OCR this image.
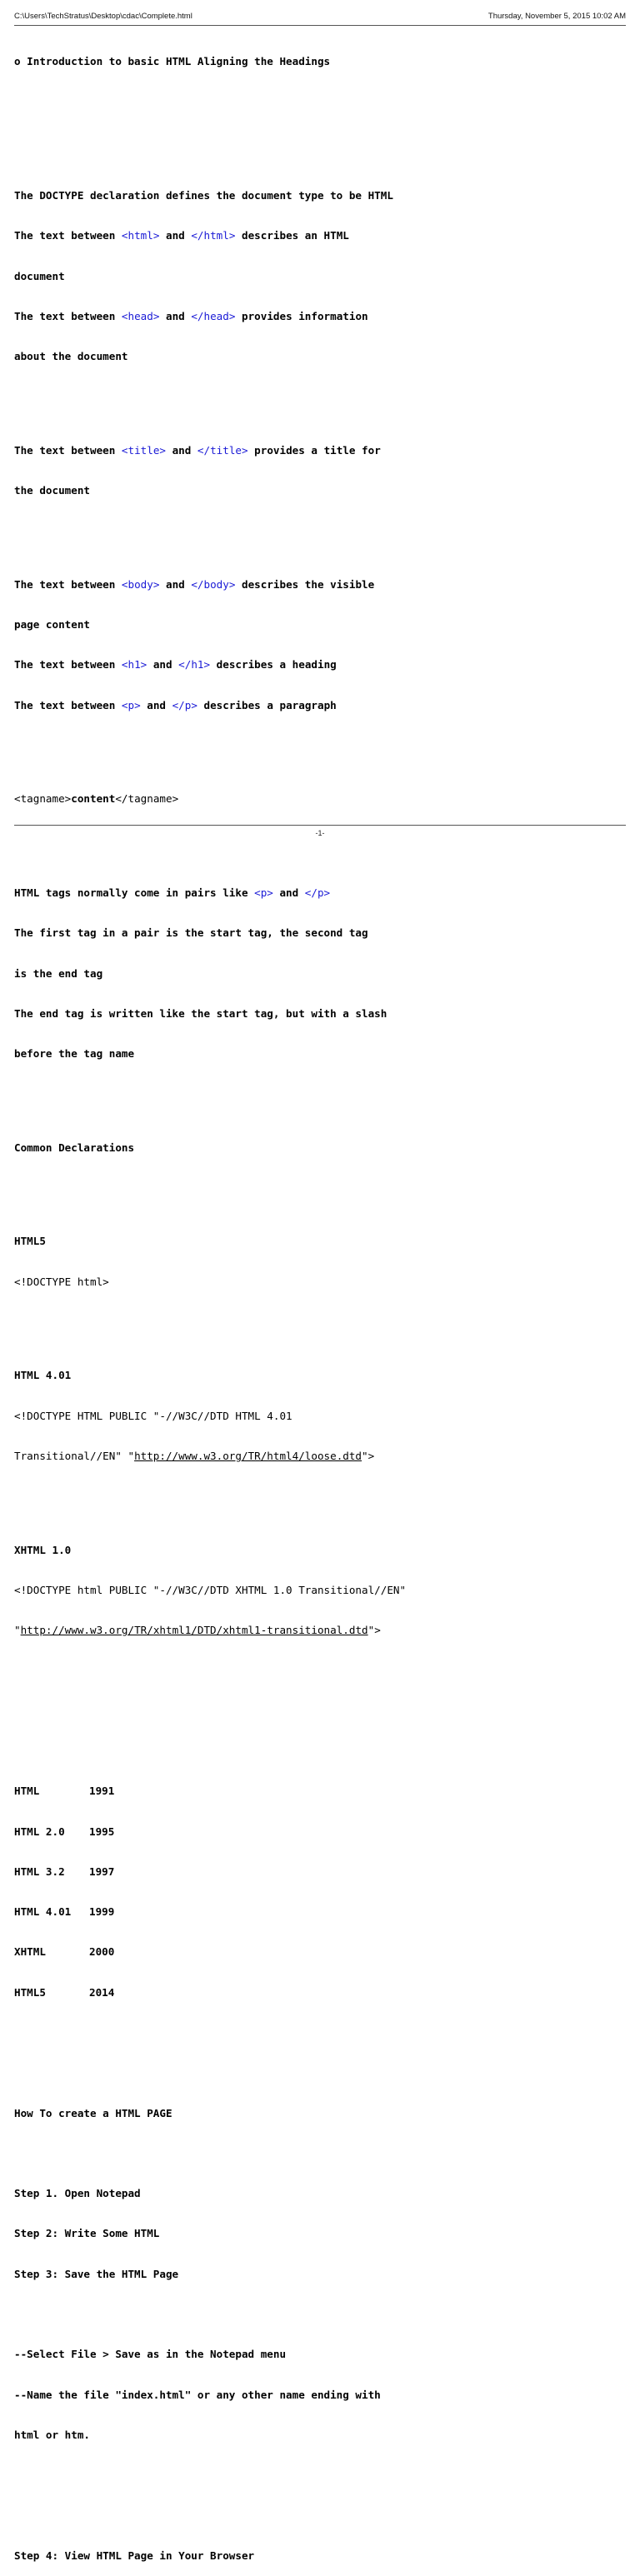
C:\Users\TechStratus\Desktop\cdac\Complete.html	Thursday, November 5, 2015 10:02 AM

o Introduction to basic HTML Aligning the Headings

The DOCTYPE declaration defines the document type to be HTML

The text between <html> and </html> describes an HTML

document

The text between <head> and </head> provides information

about the document

The text between <title> and </title> provides a title for

the document

The text between <body> and </body> describes the visible

page content

The text between <h1> and </h1> describes a heading

The text between <p> and </p> describes a paragraph

<tagname>content</tagname>

HTML tags normally come in pairs like <p> and </p>

The first tag in a pair is the start tag, the second tag

is the end tag

The end tag is written like the start tag, but with a slash

before the tag name

Common Declarations

HTML5

<!DOCTYPE html>

HTML 4.01

<!DOCTYPE HTML PUBLIC "-//W3C//DTD HTML 4.01

Transitional//EN" "http://www.w3.org/TR/html4/loose.dtd">

XHTML 1.0

<!DOCTYPE html PUBLIC "-//W3C//DTD XHTML 1.0 Transitional//EN"

"http://www.w3.org/TR/xhtml1/DTD/xhtml1-transitional.dtd">

HTML	1991

HTML 2.0 1995

HTML 3.2 1997

HTML 4.01 1999

XHTML	2000

HTML5	2014

How To create a HTML PAGE

Step 1. Open Notepad

Step 2: Write Some HTML

Step 3: Save the HTML Page

--Select File > Save as in the Notepad menu

--Name the file "index.html" or any other name ending with

html or htm.

Step 4: View HTML Page in Your Browser

-1-
